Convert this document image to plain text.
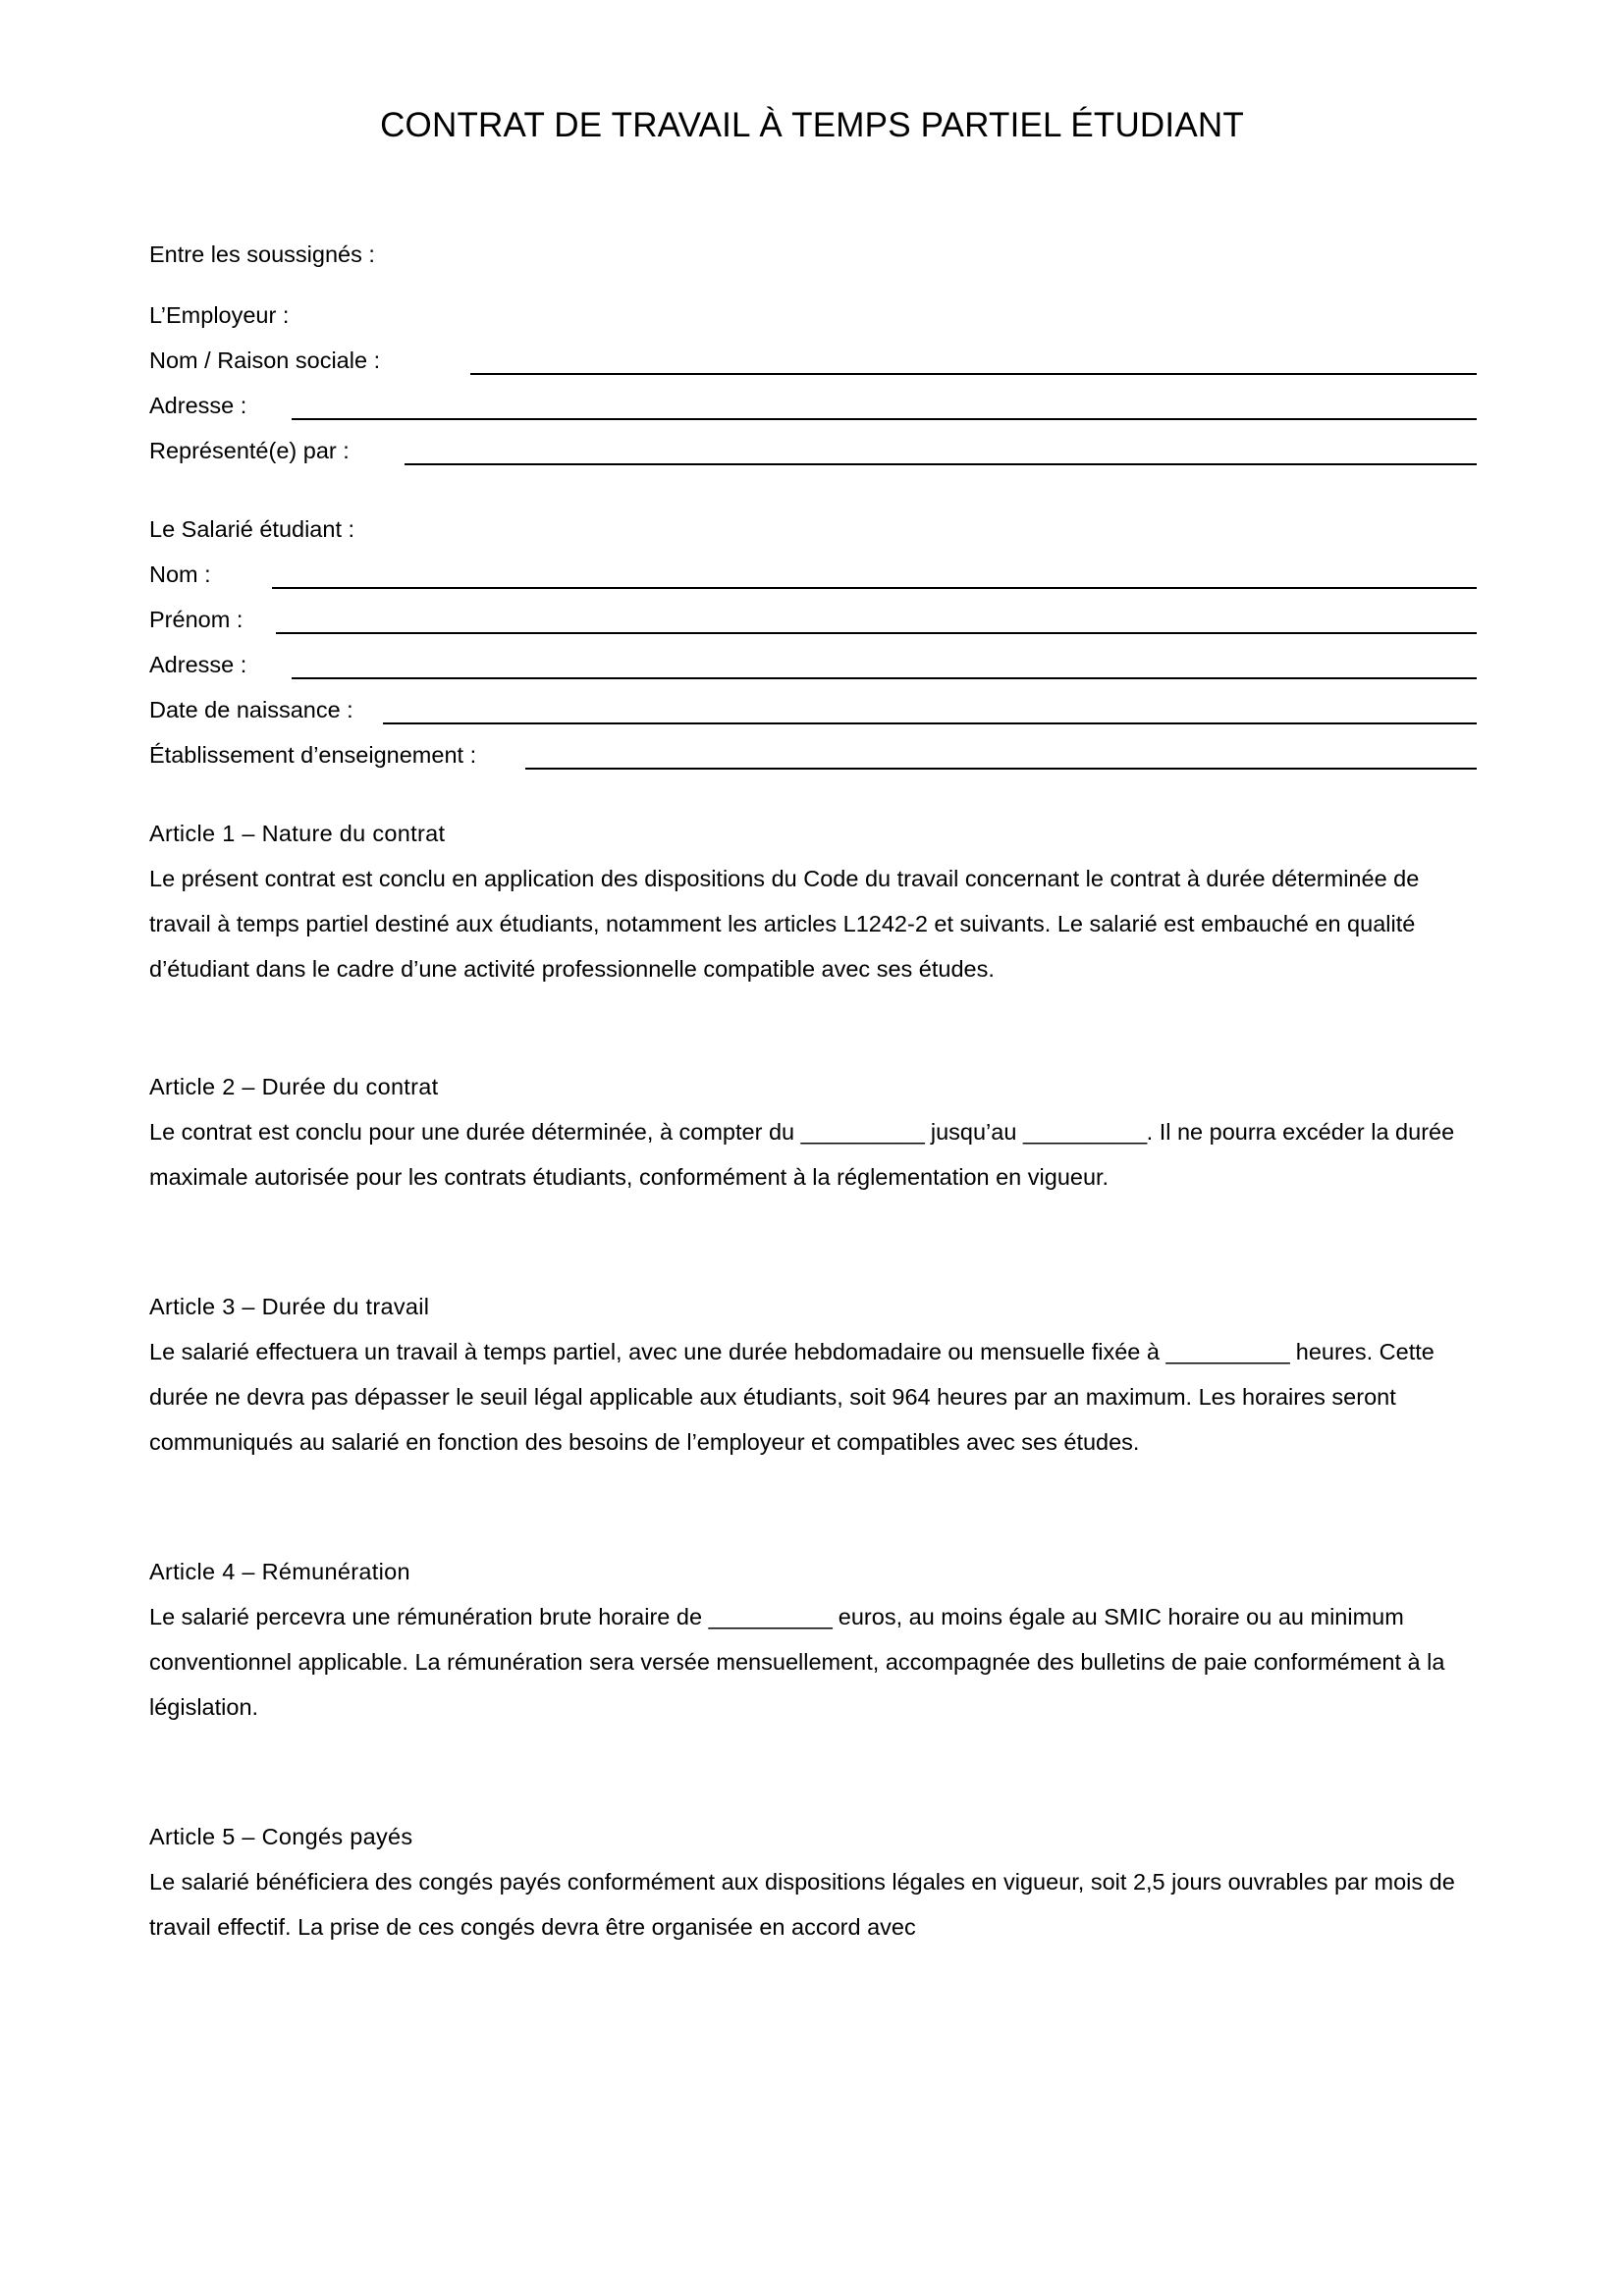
CONTRAT DE TRAVAIL À TEMPS PARTIEL ÉTUDIANT
Entre les soussignés :
L’Employeur :
Nom / Raison sociale :
Adresse :
Représenté(e) par :
Le Salarié étudiant :
Nom :
Prénom :
Adresse :
Date de naissance :
Établissement d’enseignement :
Article 1 – Nature du contrat
Le présent contrat est conclu en application des dispositions du Code du travail concernant le contrat à durée déterminée de travail à temps partiel destiné aux étudiants, notamment les articles L1242-2 et suivants. Le salarié est embauché en qualité d’étudiant dans le cadre d’une activité professionnelle compatible avec ses études.
Article 2 – Durée du contrat
Le contrat est conclu pour une durée déterminée, à compter du __________ jusqu’au __________. Il ne pourra excéder la durée maximale autorisée pour les contrats étudiants, conformément à la réglementation en vigueur.
Article 3 – Durée du travail
Le salarié effectuera un travail à temps partiel, avec une durée hebdomadaire ou mensuelle fixée à __________ heures. Cette durée ne devra pas dépasser le seuil légal applicable aux étudiants, soit 964 heures par an maximum. Les horaires seront communiqués au salarié en fonction des besoins de l’employeur et compatibles avec ses études.
Article 4 – Rémunération
Le salarié percevra une rémunération brute horaire de __________ euros, au moins égale au SMIC horaire ou au minimum conventionnel applicable. La rémunération sera versée mensuellement, accompagnée des bulletins de paie conformément à la législation.
Article 5 – Congés payés
Le salarié bénéficiera des congés payés conformément aux dispositions légales en vigueur, soit 2,5 jours ouvrables par mois de travail effectif. La prise de ces congés devra être organisée en accord avec
